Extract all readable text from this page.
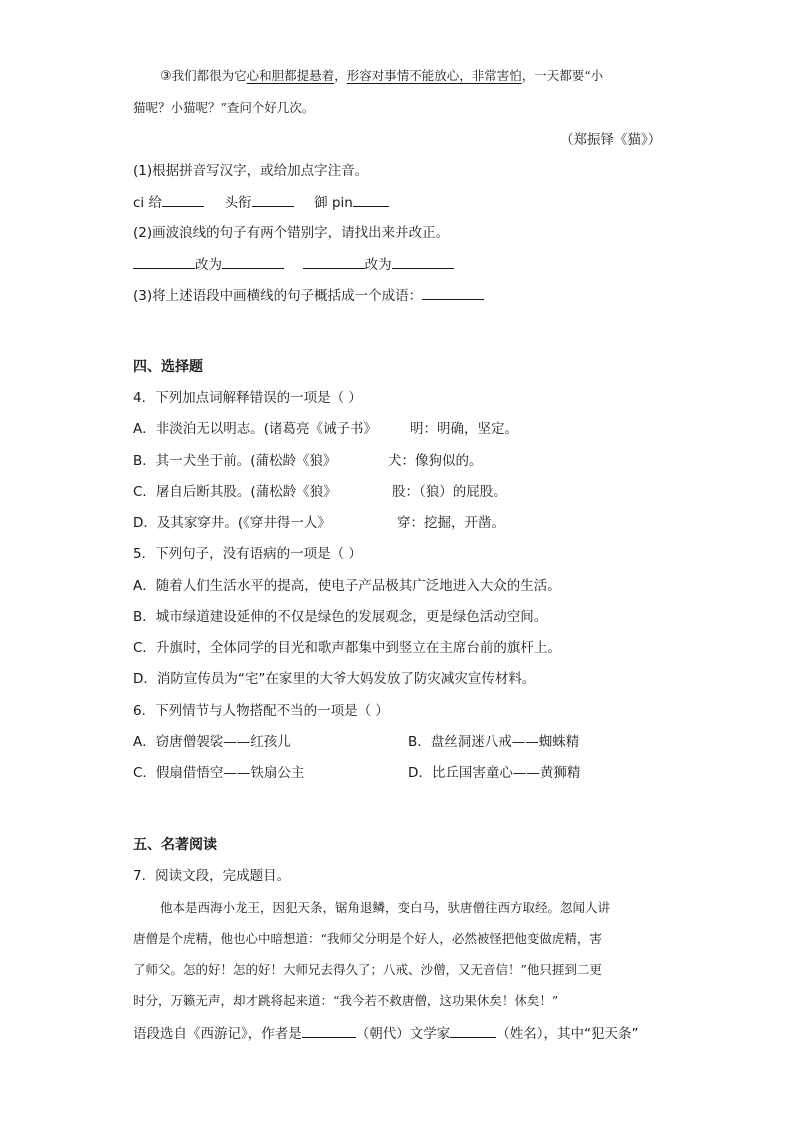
③我们都很为它心和胆都提悬着，形容对事情不能放心，非常害怕，一天都要“小
猫呢？小猫呢？”查问个好几次。
（郑振铎《猫》）
(1)根据拼音写汉字，或给加点字注音。
ci 给	头衔	御 pin
(2)画波浪线的句子有两个错别字，请找出来并改正。
改为	改为
(3)将上述语段中画横线的句子概括成一个成语：
四、选择题
4．下列加点词解释错误的一项是（ ）
A．非淡泊无以明志。(诸葛亮《诫子书》 明：明确，坚定。
B．其一犬坐于前。(蒲松龄《狼》	犬：像狗似的。
C．屠自后断其股。(蒲松龄《狼》	股：（狼）的屁股。
D．及其家穿井。(《穿井得一人》	穿：挖掘，开凿。
5．下列句子，没有语病的一项是（ ）
A．随着人们生活水平的提高，使电子产品极其广泛地进入大众的生活。
B．城市绿道建设延伸的不仅是绿色的发展观念，更是绿色活动空间。
C．升旗时，全体同学的目光和歌声都集中到竖立在主席台前的旗杆上。
D．消防宣传员为“宅”在家里的大爷大妈发放了防灾减灾宣传材料。
6．下列情节与人物搭配不当的一项是（ ）
A．窃唐僧袈裟——红孩儿	B．盘丝洞迷八戒——蜘蛛精
C．假扇借悟空——铁扇公主	D．比丘国害童心——黄狮精
五、名著阅读
7．阅读文段，完成题目。
他本是西海小龙王，因犯天条，锯角退鳞，变白马，驮唐僧往西方取经。忽闻人讲
唐僧是个虎精，他也心中暗想道：“我师父分明是个好人，必然被怪把他变做虎精，害
了师父。怎的好！怎的好！大师兄去得久了；八戒、沙僧，又无音信！”他只捱到二更
时分，万籁无声，却才跳将起来道：“我今若不救唐僧，这功果休矣！休矣！”
语段选自《西游记》，作者是	（朝代）文学家	（姓名），其中“犯天条”
